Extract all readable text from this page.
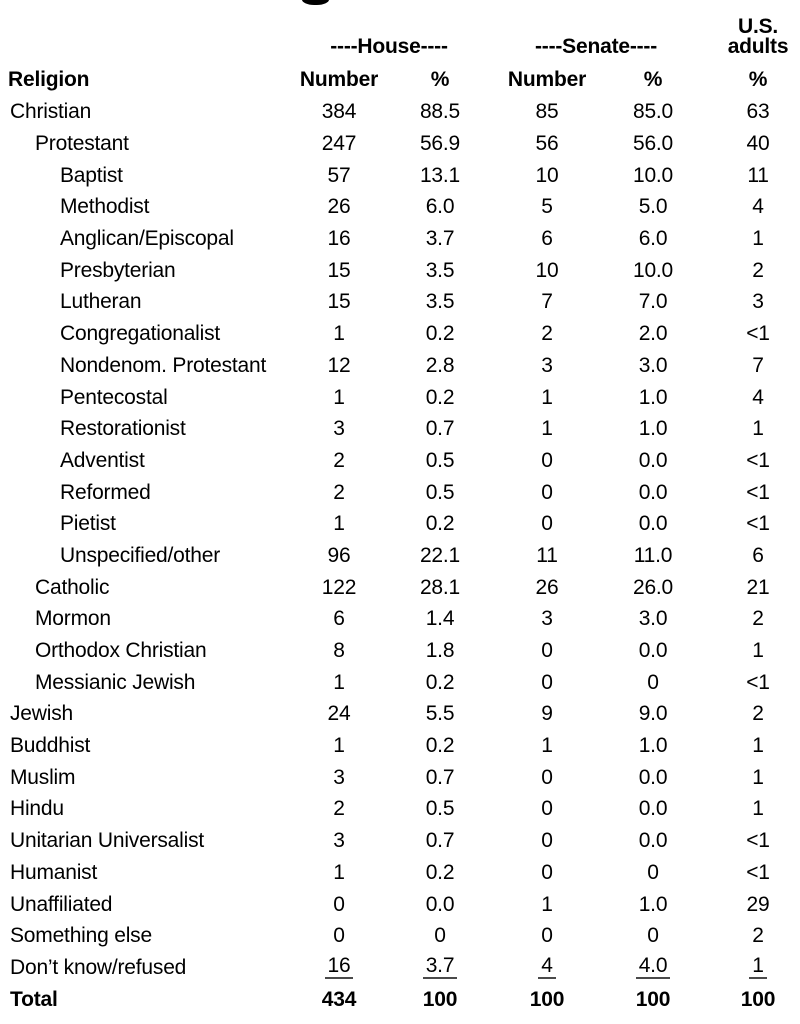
	----House----		----Senate----		U.S.
adults

Religion	Number	%	Number	%	%
Christian	384	88.5	85	85.0	63
Protestant	247	56.9	56	56.0	40
Baptist	57	13.1	10	10.0	11
Methodist	26	6.0	5	5.0	4
Anglican/Episcopal	16	3.7	6	6.0	1
Presbyterian	15	3.5	10	10.0	2
Lutheran	15	3.5	7	7.0	3
Congregationalist	1	0.2	2	2.0	<1
Nondenom. Protestant	12	2.8	3	3.0	7
Pentecostal	1	0.2	1	1.0	4
Restorationist	3	0.7	1	1.0	1
Adventist	2	0.5	0	0.0	<1
Reformed	2	0.5	0	0.0	<1
Pietist	1	0.2	0	0.0	<1
Unspecified/other	96	22.1	11	11.0	6
Catholic	122	28.1	26	26.0	21
Mormon	6	1.4	3	3.0	2
Orthodox Christian	8	1.8	0	0.0	1
Messianic Jewish	1	0.2	0	0	<1
Jewish	24	5.5	9	9.0	2
Buddhist	1	0.2	1	1.0	1
Muslim	3	0.7	0	0.0	1
Hindu	2	0.5	0	0.0	1
Unitarian Universalist	3	0.7	0	0.0	<1
Humanist	1	0.2	0	0	<1
Unaffiliated	0	0.0	1	1.0	29
Something else	0	0	0	0	2
Don’t know/refused	16	3.7	4	4.0	1
Total	434	100	100	100	100
